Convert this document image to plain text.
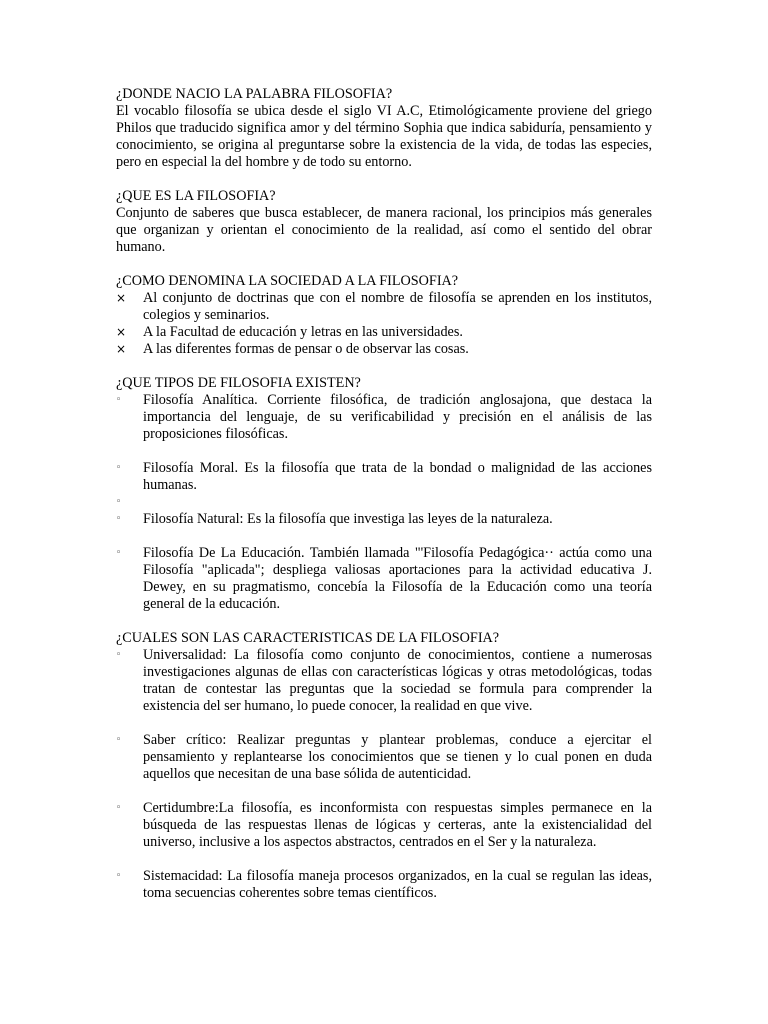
¿DONDE NACIO LA PALABRA FILOSOFIA?

El vocablo filosofía se ubica desde el siglo VI A.C, Etimológicamente proviene del griego Philos que traducido significa amor y del término Sophia que indica sabiduría, pensamiento y conocimiento, se origina al preguntarse sobre la existencia de la vida, de todas las especies, pero en especial la del hombre y de todo su entorno.

¿QUE ES LA FILOSOFIA?

Conjunto de saberes que busca establecer, de manera racional, los principios más generales que organizan y orientan el conocimiento de la realidad, así como el sentido del obrar humano.

¿COMO DENOMINA LA SOCIEDAD A LA FILOSOFIA?

× Al conjunto de doctrinas que con el nombre de filosofía se aprenden en los institutos, colegios y seminarios.
× A la Facultad de educación y letras en las universidades.
× A las diferentes formas de pensar o de observar las cosas.

¿QUE TIPOS DE FILOSOFIA EXISTEN?

◦	Filosofía Analítica. Corriente filosófica, de tradición anglosajona, que destaca la importancia del lenguaje, de su verificabilidad y precisión en el análisis de las proposiciones filosóficas.
◦	Filosofía Moral. Es la filosofía que trata de la bondad o malignidad de las acciones humanas.
◦
◦	Filosofía Natural: Es la filosofía que investiga las leyes de la naturaleza.
◦	Filosofía De La Educación. También llamada "'Filosofía Pedagógica·· actúa como una Filosofía "aplicada"; despliega valiosas aportaciones para la actividad educativa J. Dewey, en su pragmatismo, concebía la Filosofía de la Educación como una teoría general de la educación.

¿CUALES SON LAS CARACTERISTICAS DE LA FILOSOFIA?

◦	Universalidad: La filosofía como conjunto de conocimientos, contiene a numerosas investigaciones algunas de ellas con características lógicas y otras metodológicas, todas tratan de contestar las preguntas que la sociedad se formula para comprender la existencia del ser humano, lo puede conocer, la realidad en que vive.
◦	Saber crítico: Realizar preguntas y plantear problemas, conduce a ejercitar el pensamiento y replantearse los conocimientos que se tienen y lo cual ponen en duda aquellos que necesitan de una base sólida de autenticidad.
◦	Certidumbre:La filosofía, es inconformista con respuestas simples permanece en la búsqueda de las respuestas llenas de lógicas y certeras, ante la existencialidad del universo, inclusive a los aspectos abstractos, centrados en el Ser y la naturaleza.
◦	Sistemacidad: La filosofía maneja procesos organizados, en la cual se regulan las ideas, toma secuencias coherentes sobre temas científicos.
